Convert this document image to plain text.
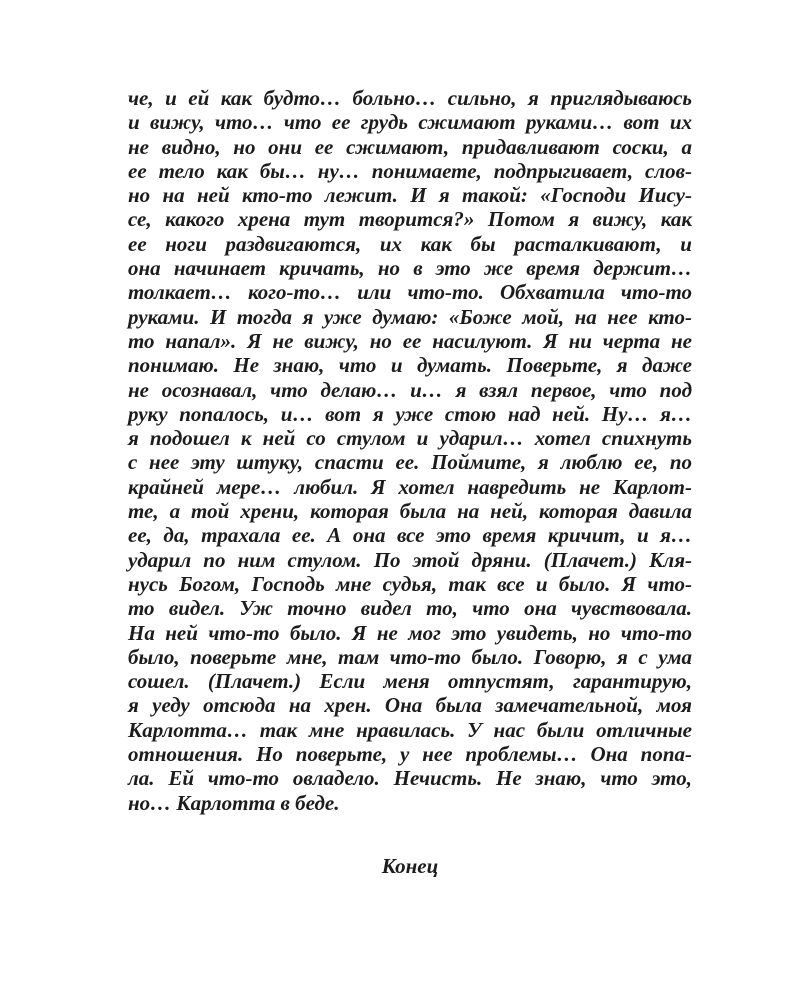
че, и ей как будто… больно… сильно, я приглядываюсь
и вижу, что… что ее грудь сжимают руками… вот их
не видно, но они ее сжимают, придавливают соски, а
ее тело как бы… ну… понимаете, подпрыгивает, слов-
но на ней кто-то лежит. И я такой: «Господи Иису-
се, какого хрена тут творится?» Потом я вижу, как
ее ноги раздвигаются, их как бы расталкивают, и
она начинает кричать, но в это же время держит…
толкает… кого-то… или что-то. Обхватила что-то
руками. И тогда я уже думаю: «Боже мой, на нее кто-
то напал». Я не вижу, но ее насилуют. Я ни черта не
понимаю. Не знаю, что и думать. Поверьте, я даже
не осознавал, что делаю… и… я взял первое, что под
руку попалось, и… вот я уже стою над ней. Ну… я…
я подошел к ней со стулом и ударил… хотел спихнуть
с нее эту штуку, спасти ее. Поймите, я люблю ее, по
крайней мере… любил. Я хотел навредить не Карлот-
те, а той хрени, которая была на ней, которая давила
ее, да, трахала ее. А она все это время кричит, и я…
ударил по ним стулом. По этой дряни. (Плачет.) Кля-
нусь Богом, Господь мне судья, так все и было. Я что-
то видел. Уж точно видел то, что она чувствовала.
На ней что-то было. Я не мог это увидеть, но что-то
было, поверьте мне, там что-то было. Говорю, я с ума
сошел. (Плачет.) Если меня отпустят, гарантирую,
я уеду отсюда на хрен. Она была замечательной, моя
Карлотта… так мне нравилась. У нас были отличные
отношения. Но поверьте, у нее проблемы… Она попа-
ла. Ей что-то овладело. Нечисть. Не знаю, что это,
но… Карлотта в беде.
Конец
